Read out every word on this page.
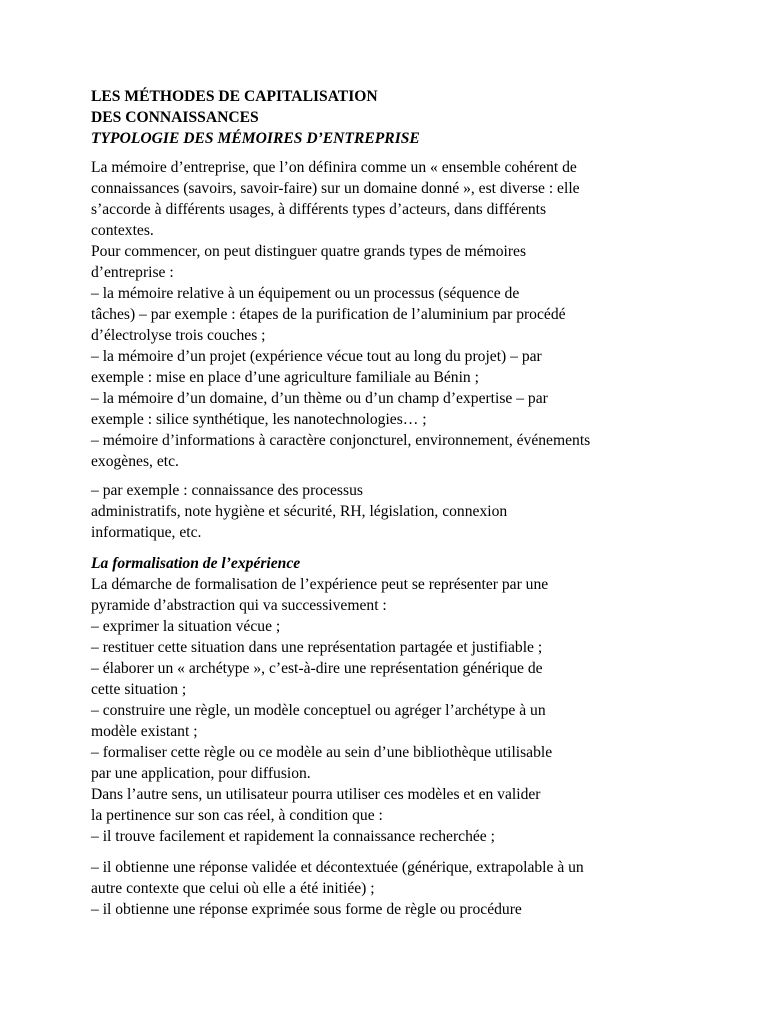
LES MÉTHODES DE CAPITALISATION
DES CONNAISSANCES
TYPOLOGIE DES MÉMOIRES D’ENTREPRISE
La mémoire d’entreprise, que l’on définira comme un « ensemble cohérent de
connaissances (savoirs, savoir-faire) sur un domaine donné », est diverse : elle
s’accorde à différents usages, à différents types d’acteurs, dans différents
contextes.
Pour commencer, on peut distinguer quatre grands types de mémoires
d’entreprise :
– la mémoire relative à un équipement ou un processus (séquence de
tâches) – par exemple : étapes de la purification de l’aluminium par procédé
d’électrolyse trois couches ;
– la mémoire d’un projet (expérience vécue tout au long du projet) – par
exemple : mise en place d’une agriculture familiale au Bénin ;
– la mémoire d’un domaine, d’un thème ou d’un champ d’expertise – par
exemple : silice synthétique, les nanotechnologies… ;
– mémoire d’informations à caractère conjoncturel, environnement, événements
exogènes, etc.
– par exemple : connaissance des processus
administratifs, note hygiène et sécurité, RH, législation, connexion
informatique, etc.
La formalisation de l’expérience
La démarche de formalisation de l’expérience peut se représenter par une
pyramide d’abstraction qui va successivement :
– exprimer la situation vécue ;
– restituer cette situation dans une représentation partagée et justifiable ;
– élaborer un « archétype », c’est-à-dire une représentation générique de
cette situation ;
– construire une règle, un modèle conceptuel ou agréger l’archétype à un
modèle existant ;
– formaliser cette règle ou ce modèle au sein d’une bibliothèque utilisable
par une application, pour diffusion.
Dans l’autre sens, un utilisateur pourra utiliser ces modèles et en valider
la pertinence sur son cas réel, à condition que :
– il trouve facilement et rapidement la connaissance recherchée ;
– il obtienne une réponse validée et décontextuée (générique, extrapolable à un
autre contexte que celui où elle a été initiée) ;
– il obtienne une réponse exprimée sous forme de règle ou procédure
